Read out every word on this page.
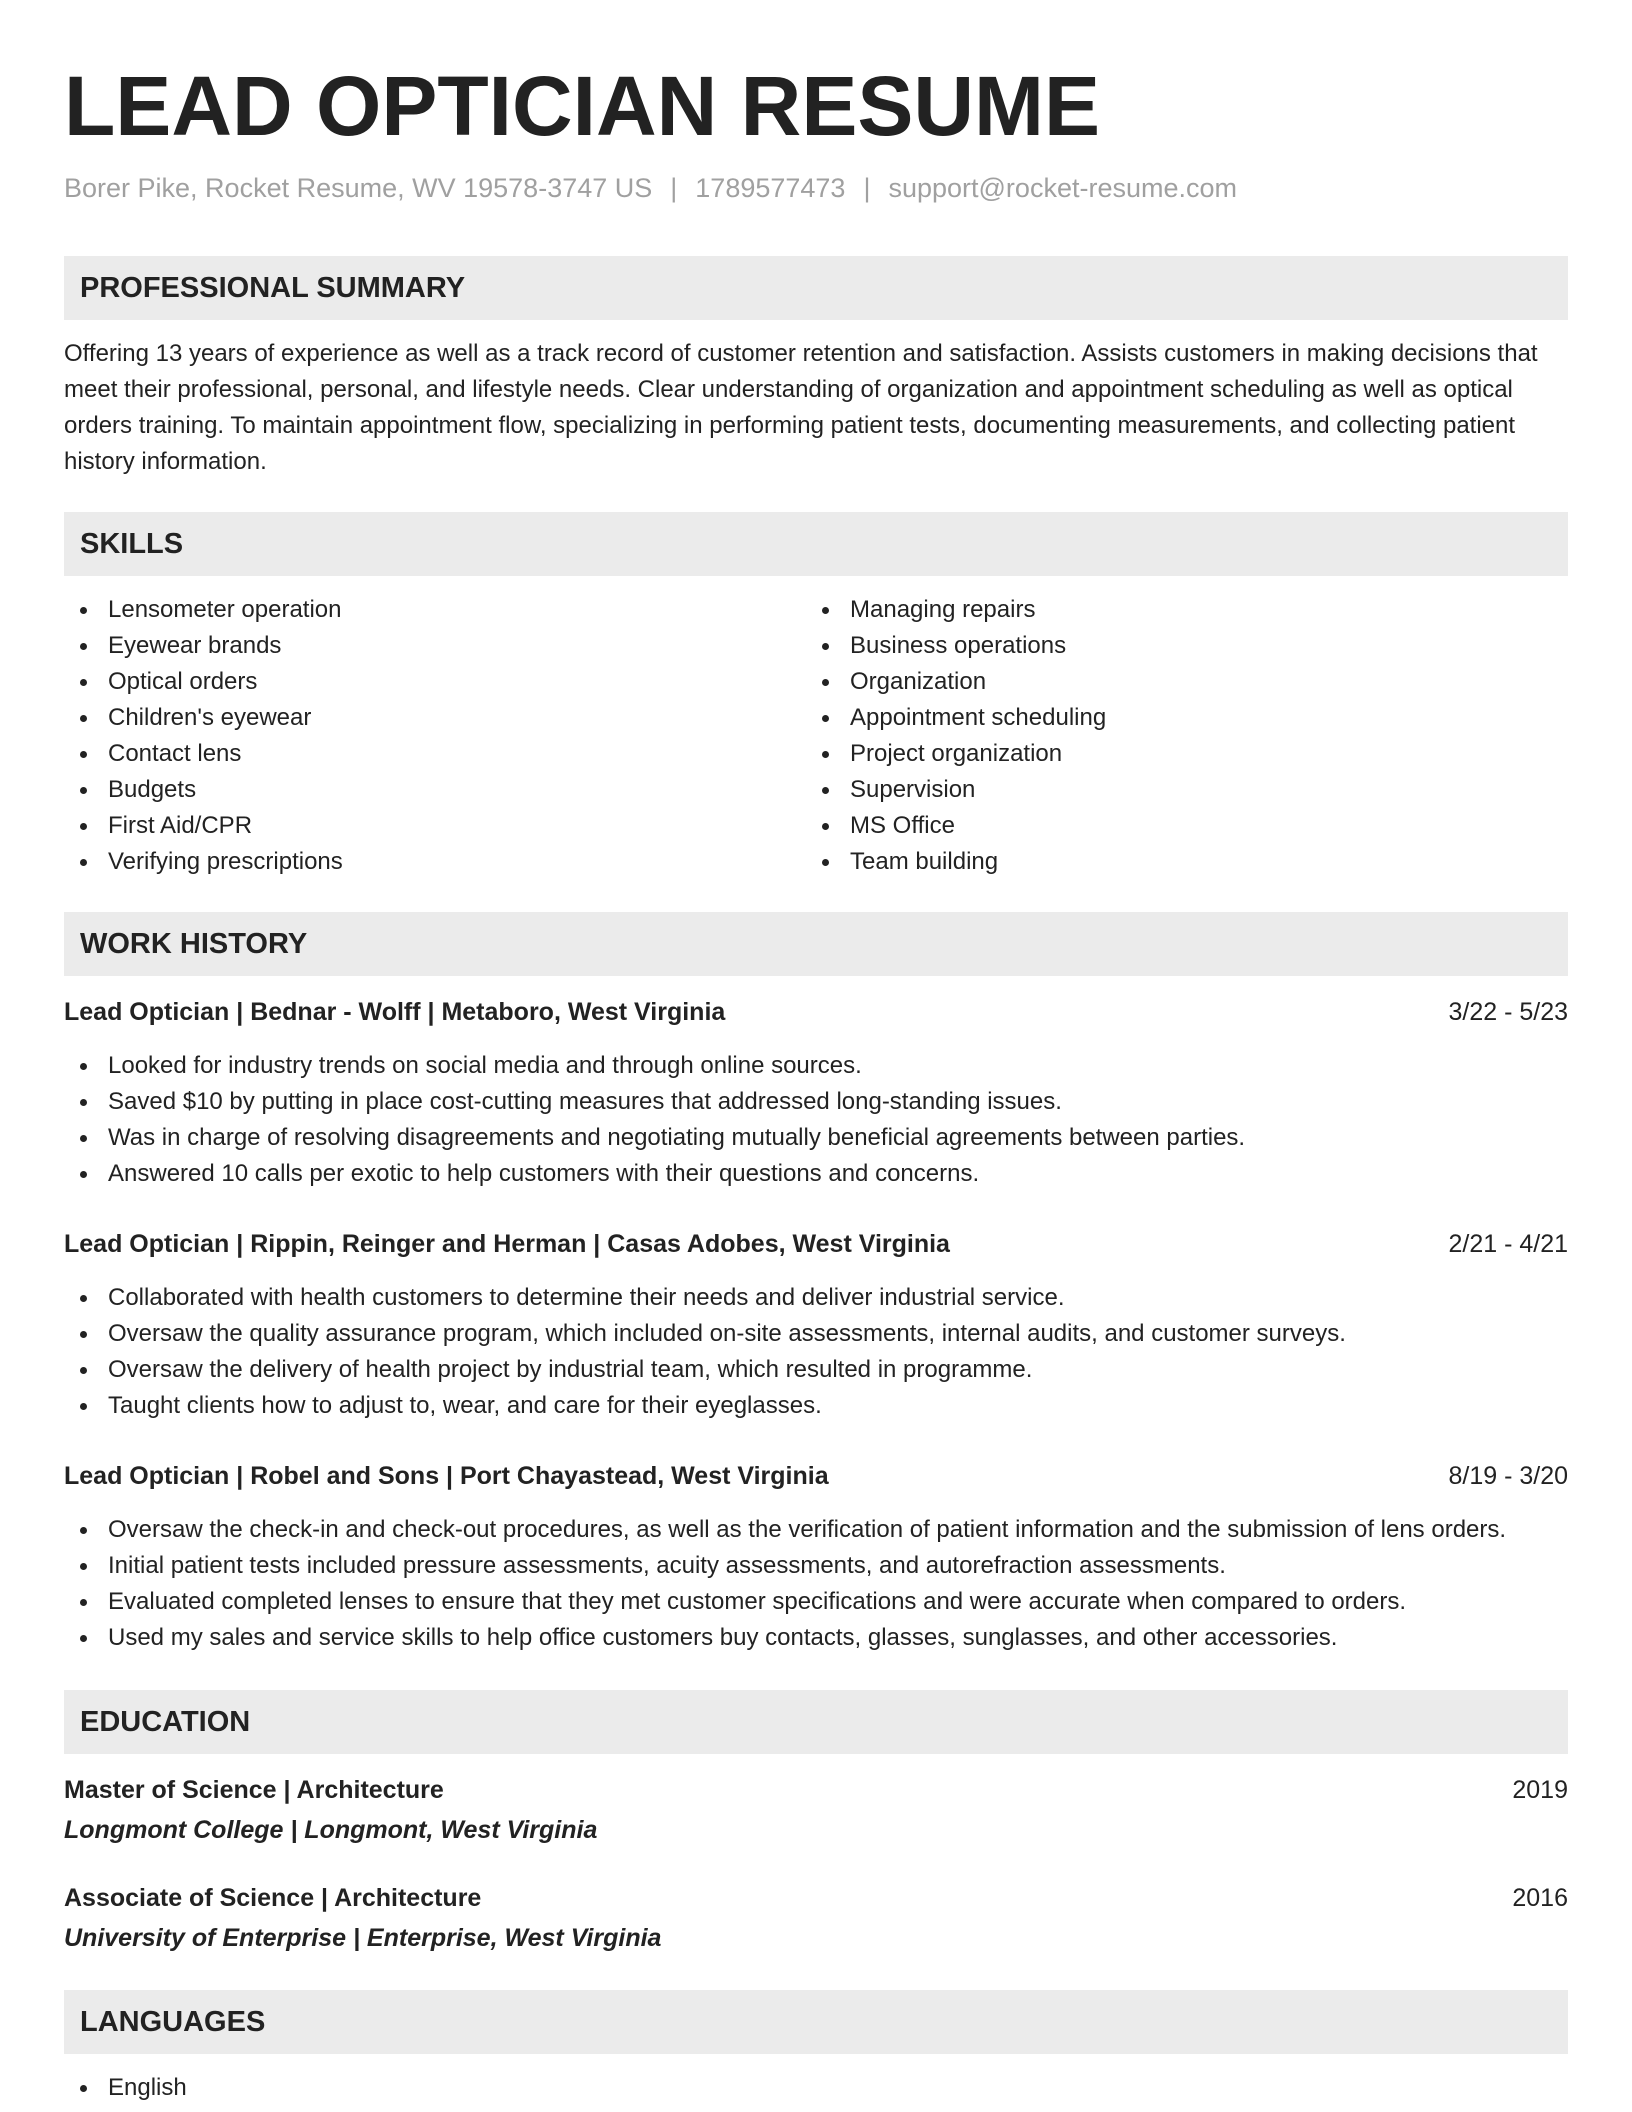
LEAD OPTICIAN RESUME
Borer Pike, Rocket Resume, WV 19578-3747 US | 1789577473 | support@rocket-resume.com
PROFESSIONAL SUMMARY

Offering 13 years of experience as well as a track record of customer retention and satisfaction. Assists customers in making decisions that meet their professional, personal, and lifestyle needs. Clear understanding of organization and appointment scheduling as well as optical orders training. To maintain appointment flow, specializing in performing patient tests, documenting measurements, and collecting patient history information.

SKILLS
Lensometer operation
Eyewear brands
Optical orders
Children's eyewear
Contact lens
Budgets
First Aid/CPR
Verifying prescriptions
Managing repairs
Business operations
Organization
Appointment scheduling
Project organization
Supervision
MS Office
Team building
WORK HISTORY
Lead Optician | Bednar - Wolff | Metaboro, West Virginia	3/22 - 5/23
Looked for industry trends on social media and through online sources.
Saved $10 by putting in place cost-cutting measures that addressed long-standing issues.
Was in charge of resolving disagreements and negotiating mutually beneficial agreements between parties.
Answered 10 calls per exotic to help customers with their questions and concerns.
Lead Optician | Rippin, Reinger and Herman | Casas Adobes, West Virginia	2/21 - 4/21
Collaborated with health customers to determine their needs and deliver industrial service.
Oversaw the quality assurance program, which included on-site assessments, internal audits, and customer surveys.
Oversaw the delivery of health project by industrial team, which resulted in programme.
Taught clients how to adjust to, wear, and care for their eyeglasses.
Lead Optician | Robel and Sons | Port Chayastead, West Virginia	8/19 - 3/20
Oversaw the check-in and check-out procedures, as well as the verification of patient information and the submission of lens orders.
Initial patient tests included pressure assessments, acuity assessments, and autorefraction assessments.
Evaluated completed lenses to ensure that they met customer specifications and were accurate when compared to orders.
Used my sales and service skills to help office customers buy contacts, glasses, sunglasses, and other accessories.
EDUCATION
Master of Science | Architecture	2019
Longmont College | Longmont, West Virginia
Associate of Science | Architecture	2016
University of Enterprise | Enterprise, West Virginia
LANGUAGES
English
